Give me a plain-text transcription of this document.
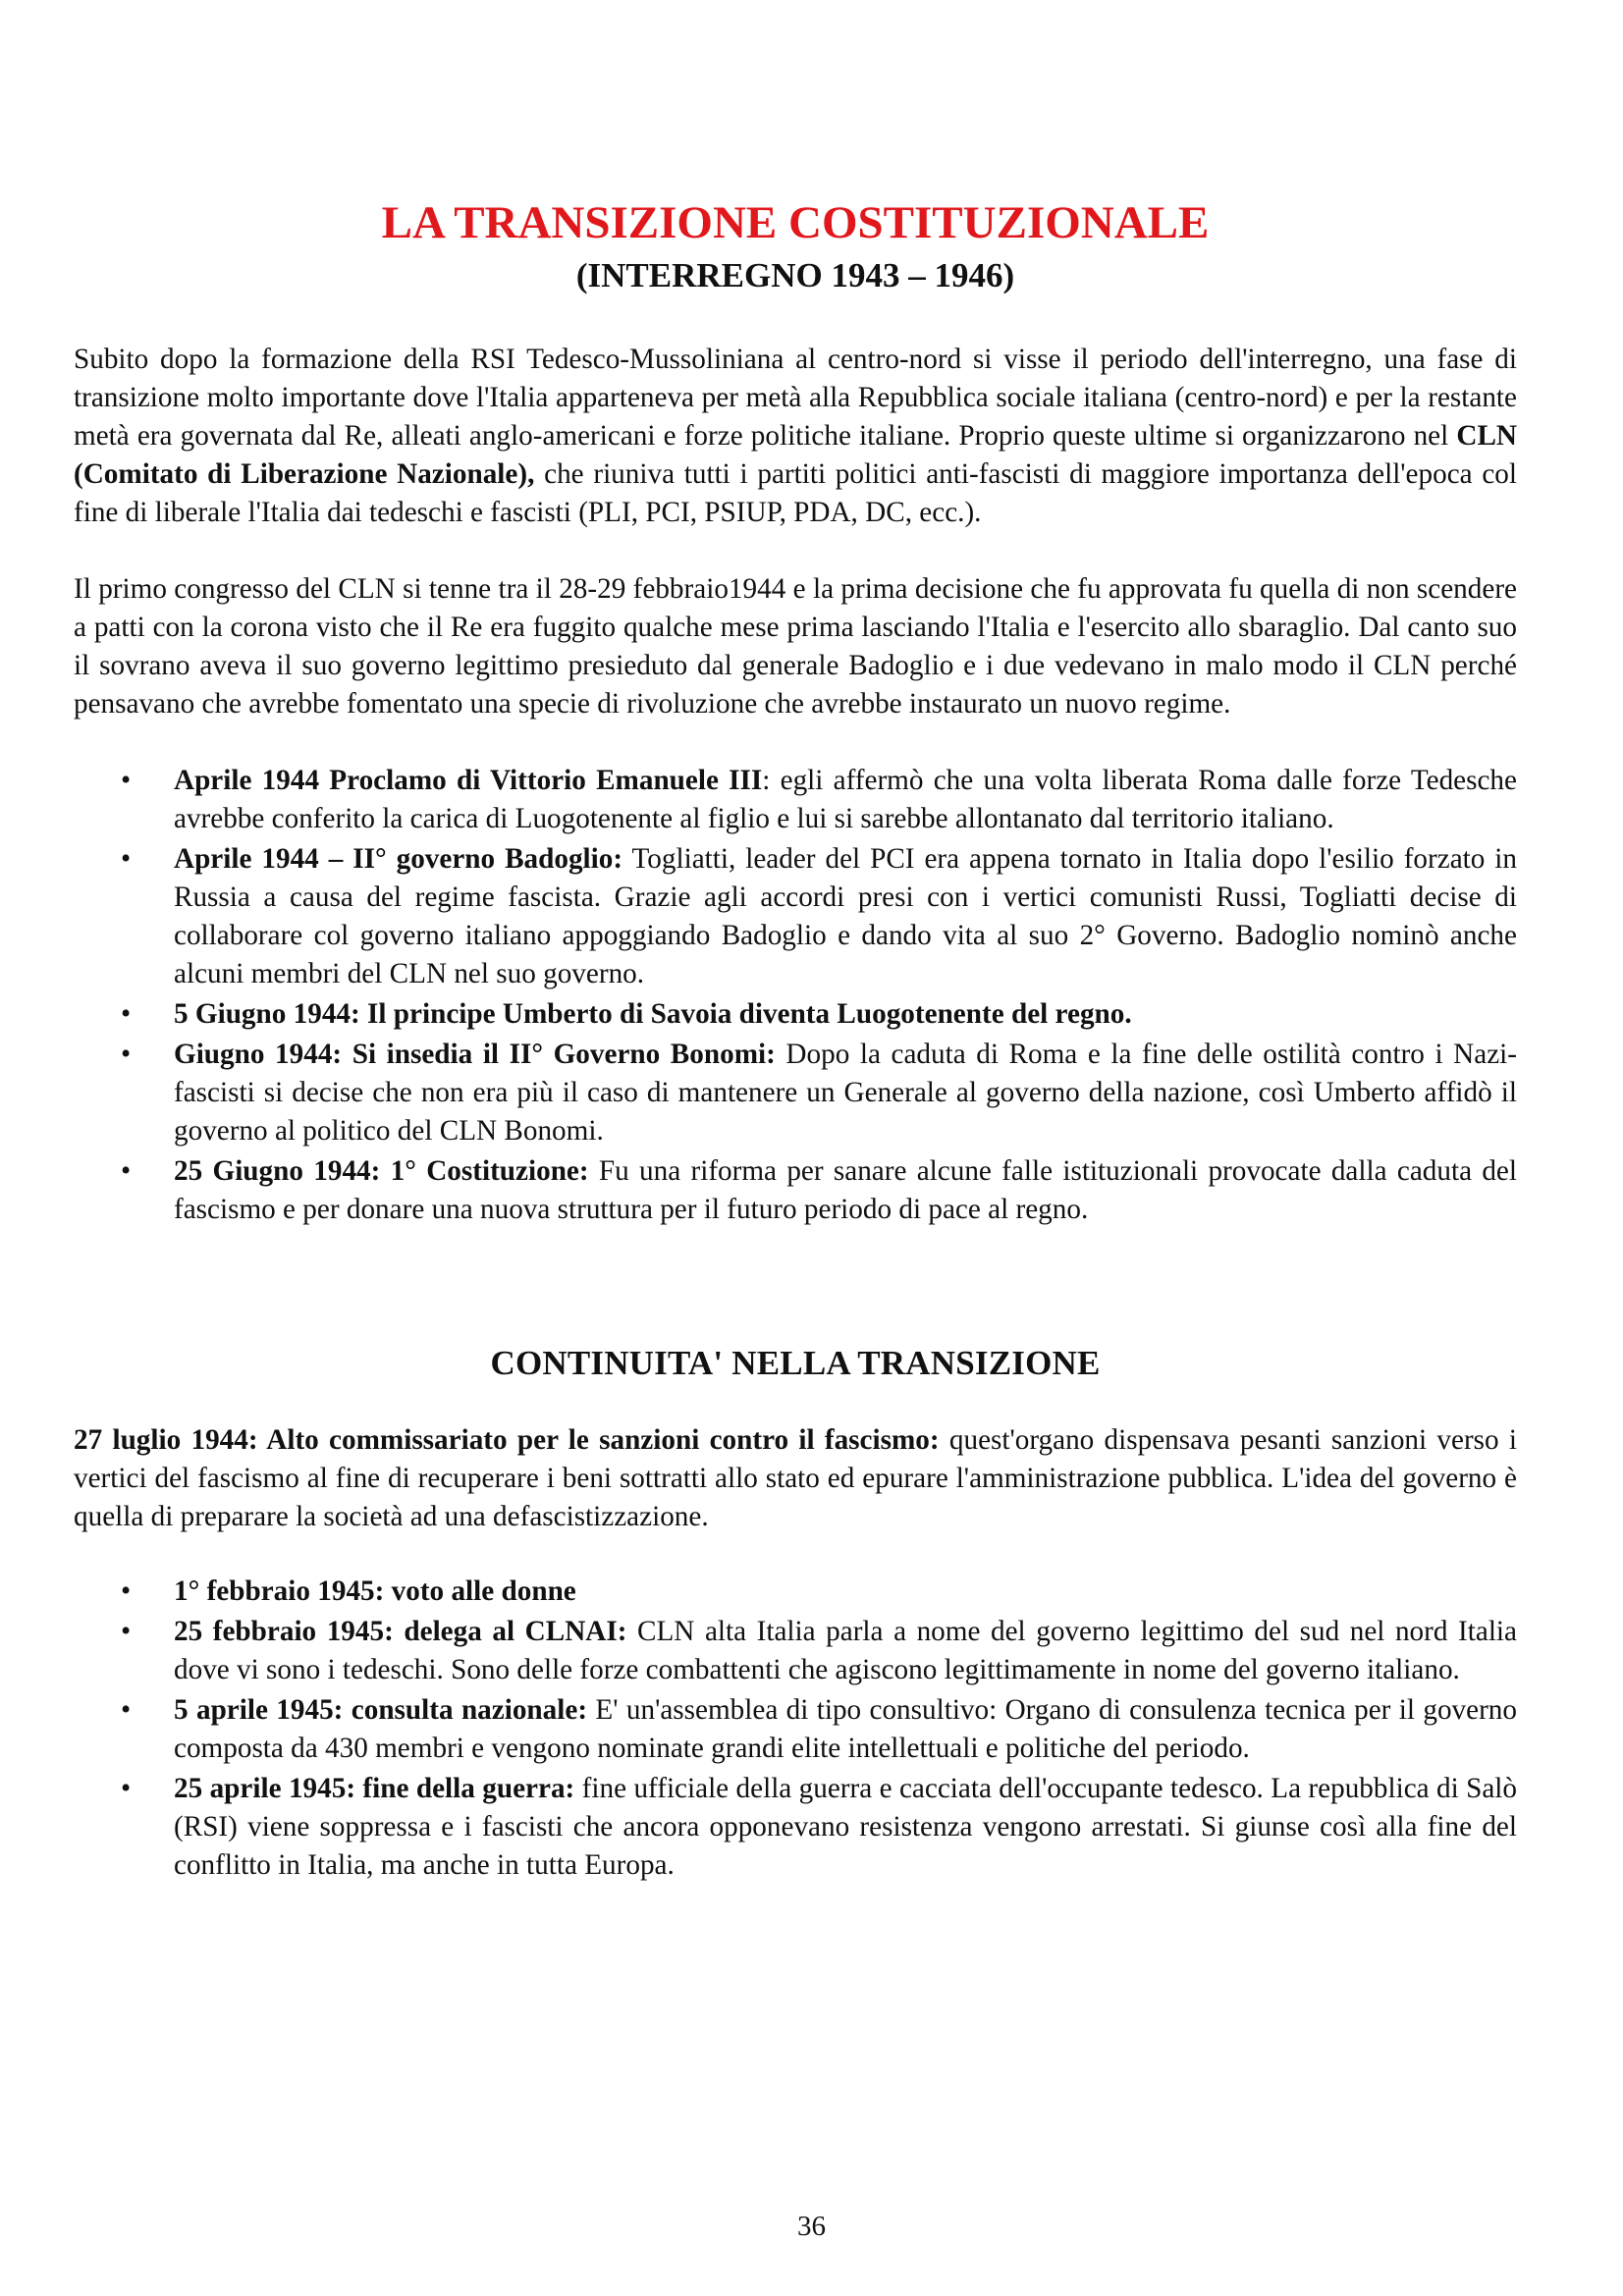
LA TRANSIZIONE COSTITUZIONALE
(INTERREGNO 1943 – 1946)

Subito dopo la formazione della RSI Tedesco-Mussoliniana al centro-nord si visse il periodo dell'interregno, una fase di transizione molto importante dove l'Italia apparteneva per metà alla Repubblica sociale italiana (centro-nord) e per la restante metà era governata dal Re, alleati anglo-americani e forze politiche italiane. Proprio queste ultime si organizzarono nel CLN (Comitato di Liberazione Nazionale), che riuniva tutti i partiti politici anti-fascisti di maggiore importanza dell'epoca col fine di liberale l'Italia dai tedeschi e fascisti (PLI, PCI, PSIUP, PDA, DC, ecc.).

Il primo congresso del CLN si tenne tra il 28-29 febbraio1944 e la prima decisione che fu approvata fu quella di non scendere a patti con la corona visto che il Re era fuggito qualche mese prima lasciando l'Italia e l'esercito allo sbaraglio. Dal canto suo il sovrano aveva il suo governo legittimo presieduto dal generale Badoglio e i due vedevano in malo modo il CLN perché pensavano che avrebbe fomentato una specie di rivoluzione che avrebbe instaurato un nuovo regime.

• Aprile 1944 Proclamo di Vittorio Emanuele III: egli affermò che una volta liberata Roma dalle forze Tedesche avrebbe conferito la carica di Luogotenente al figlio e lui si sarebbe allontanato dal territorio italiano.
• Aprile 1944 – II° governo Badoglio: Togliatti, leader del PCI era appena tornato in Italia dopo l'esilio forzato in Russia a causa del regime fascista. Grazie agli accordi presi con i vertici comunisti Russi, Togliatti decise di collaborare col governo italiano appoggiando Badoglio e dando vita al suo 2° Governo. Badoglio nominò anche alcuni membri del CLN nel suo governo.
• 5 Giugno 1944: Il principe Umberto di Savoia diventa Luogotenente del regno.
• Giugno 1944: Si insedia il II° Governo Bonomi: Dopo la caduta di Roma e la fine delle ostilità contro i Nazi-fascisti si decise che non era più il caso di mantenere un Generale al governo della nazione, così Umberto affidò il governo al politico del CLN Bonomi.
• 25 Giugno 1944: 1° Costituzione: Fu una riforma per sanare alcune falle istituzionali provocate dalla caduta del fascismo e per donare una nuova struttura per il futuro periodo di pace al regno.
CONTINUITA' NELLA TRANSIZIONE

27 luglio 1944: Alto commissariato per le sanzioni contro il fascismo: quest'organo dispensava pesanti sanzioni verso i vertici del fascismo al fine di recuperare i beni sottratti allo stato ed epurare l'amministrazione pubblica. L'idea del governo è quella di preparare la società ad una defascistizzazione.

• 1° febbraio 1945: voto alle donne
• 25 febbraio 1945: delega al CLNAI: CLN alta Italia parla a nome del governo legittimo del sud nel nord Italia dove vi sono i tedeschi. Sono delle forze combattenti che agiscono legittimamente in nome del governo italiano.
• 5 aprile 1945: consulta nazionale: E' un'assemblea di tipo consultivo: Organo di consulenza tecnica per il governo composta da 430 membri e vengono nominate grandi elite intellettuali e politiche del periodo.
• 25 aprile 1945: fine della guerra: fine ufficiale della guerra e cacciata dell'occupante tedesco. La repubblica di Salò (RSI) viene soppressa e i fascisti che ancora opponevano resistenza vengono arrestati. Si giunse così alla fine del conflitto in Italia, ma anche in tutta Europa.
36
